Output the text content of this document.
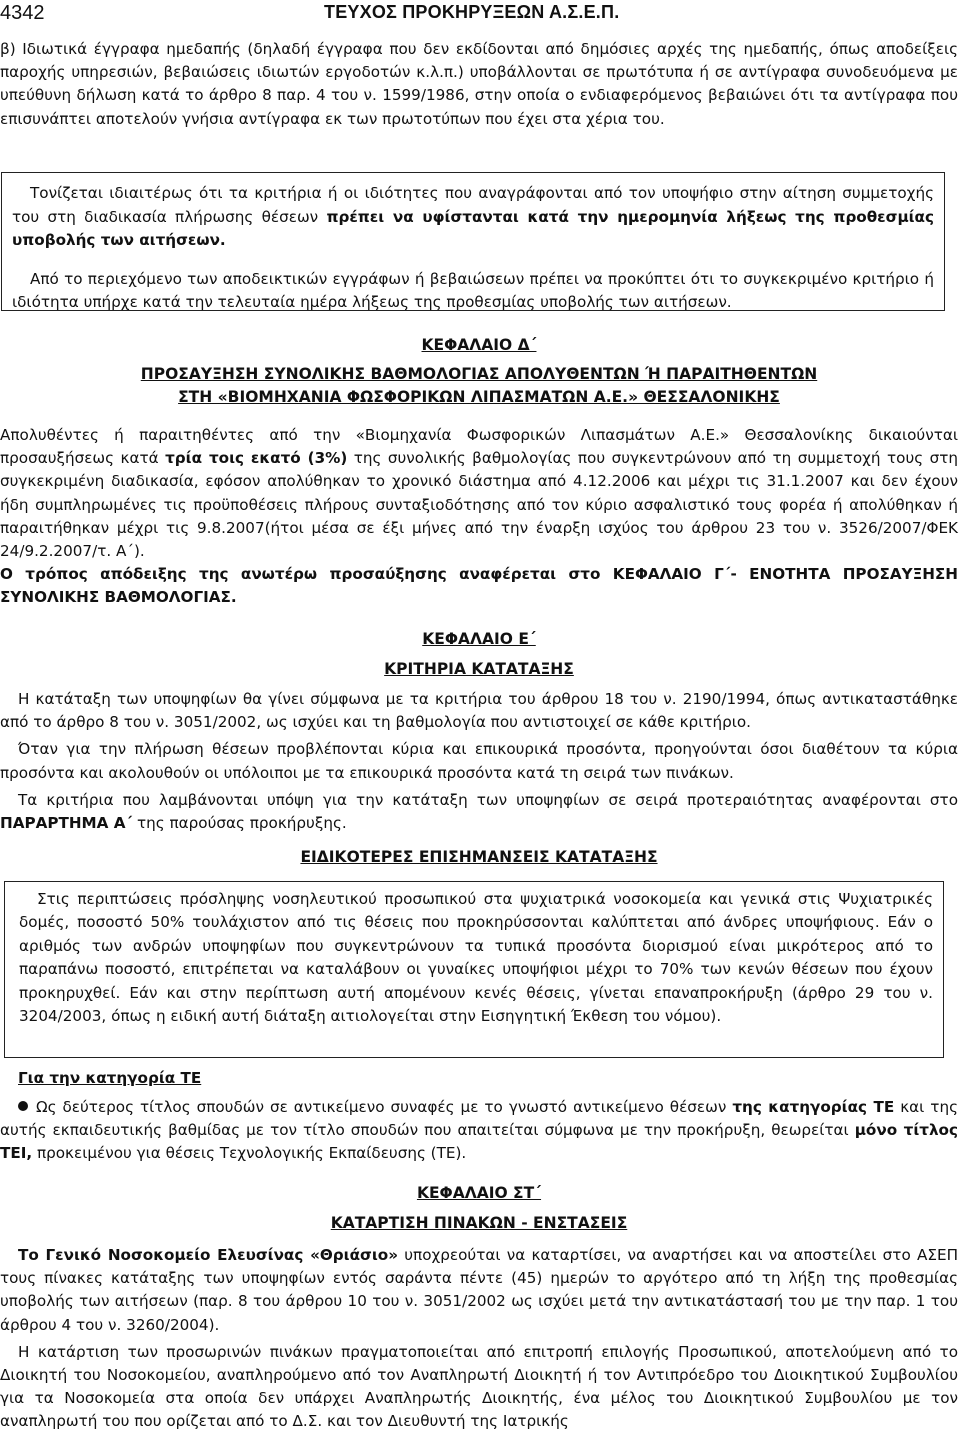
4342	ΤΕΥΧΟΣ ΠΡΟΚΗΡΥΞΕΩΝ Α.Σ.Ε.Π.

β) Ιδιωτικά έγγραφα ημεδαπής (δηλαδή έγγραφα που δεν εκδίδονται από δημόσιες αρχές της ημεδαπής, όπως αποδείξεις παροχής υπηρεσιών, βεβαιώσεις ιδιωτών εργοδοτών κ.λ.π.) υποβάλλονται σε πρωτότυπα ή σε αντίγραφα συνοδευόμενα με υπεύθυνη δήλωση κατά το άρθρο 8 παρ. 4 του ν. 1599/1986, στην οποία ο ενδιαφερόμενος βεβαιώνει ότι τα αντίγραφα που επισυνάπτει αποτελούν γνήσια αντίγραφα εκ των πρωτοτύπων που έχει στα χέρια του.

Τονίζεται ιδιαιτέρως ότι τα κριτήρια ή οι ιδιότητες που αναγράφονται από τον υποψήφιο στην αίτηση συμμετοχής του στη διαδικασία πλήρωσης θέσεων πρέπει να υφίστανται κατά την ημερομηνία λήξεως της προθεσμίας υποβολής των αιτήσεων.

Από το περιεχόμενο των αποδεικτικών εγγράφων ή βεβαιώσεων πρέπει να προκύπτει ότι το συγκεκριμένο κριτήριο ή ιδιότητα υπήρχε κατά την τελευταία ημέρα λήξεως της προθεσμίας υποβολής των αιτήσεων.

ΚΕΦΑΛΑΙΟ Δ΄
ΠΡΟΣΑΥΞΗΣΗ ΣΥΝΟΛΙΚΗΣ ΒΑΘΜΟΛΟΓΙΑΣ ΑΠΟΛΥΘΕΝΤΩΝ Ή ΠΑΡΑΙΤΗΘΕΝΤΩΝ
ΣΤΗ «ΒΙΟΜΗΧΑΝΙΑ ΦΩΣΦΟΡΙΚΩΝ ΛΙΠΑΣΜΑΤΩΝ Α.Ε.» ΘΕΣΣΑΛΟΝΙΚΗΣ

Απολυθέντες ή παραιτηθέντες από την «Βιομηχανία Φωσφορικών Λιπασμάτων Α.Ε.» Θεσσαλονίκης δικαιούνται προσαυξήσεως κατά τρία τοις εκατό (3%) της συνολικής βαθμολογίας που συγκεντρώνουν από τη συμμετοχή τους στη συγκεκριμένη διαδικασία, εφόσον απολύθηκαν το χρονικό διάστημα από 4.12.2006 και μέχρι τις 31.1.2007 και δεν έχουν ήδη συμπληρωμένες τις προϋποθέσεις πλήρους συνταξιοδότησης από τον κύριο ασφαλιστικό τους φορέα ή απολύθηκαν ή παραιτήθηκαν μέχρι τις 9.8.2007(ήτοι μέσα σε έξι μήνες από την έναρξη ισχύος του άρθρου 23 του ν. 3526/2007/ΦΕΚ 24/9.2.2007/τ. Α΄).

Ο τρόπος απόδειξης της ανωτέρω προσαύξησης αναφέρεται στο ΚΕΦΑΛΑΙΟ Γ΄- ΕΝΟΤΗΤΑ ΠΡΟΣΑΥΞΗΣΗ ΣΥΝΟΛΙΚΗΣ ΒΑΘΜΟΛΟΓΙΑΣ.

ΚΕΦΑΛΑΙΟ Ε΄
ΚΡΙΤΗΡΙΑ ΚΑΤΑΤΑΞΗΣ

Η κατάταξη των υποψηφίων θα γίνει σύμφωνα με τα κριτήρια του άρθρου 18 του ν. 2190/1994, όπως αντικαταστάθηκε από το άρθρο 8 του ν. 3051/2002, ως ισχύει και τη βαθμολογία που αντιστοιχεί σε κάθε κριτήριο.

Όταν για την πλήρωση θέσεων προβλέπονται κύρια και επικουρικά προσόντα, προηγούνται όσοι διαθέτουν τα κύρια προσόντα και ακολουθούν οι υπόλοιποι με τα επικουρικά προσόντα κατά τη σειρά των πινάκων.

Τα κριτήρια που λαμβάνονται υπόψη για την κατάταξη των υποψηφίων σε σειρά προτεραιότητας αναφέρονται στο ΠΑΡΑΡΤΗΜΑ Α΄ της παρούσας προκήρυξης.

ΕΙΔΙΚΟΤΕΡΕΣ ΕΠΙΣΗΜΑΝΣΕΙΣ ΚΑΤΑΤΑΞΗΣ

Στις περιπτώσεις πρόσληψης νοσηλευτικού προσωπικού στα ψυχιατρικά νοσοκομεία και γενικά στις Ψυχιατρικές δομές, ποσοστό 50% τουλάχιστον από τις θέσεις που προκηρύσσονται καλύπτεται από άνδρες υποψήφιους. Εάν ο αριθμός των ανδρών υποψηφίων που συγκεντρώνουν τα τυπικά προσόντα διορισμού είναι μικρότερος από το παραπάνω ποσοστό, επιτρέπεται να καταλάβουν οι γυναίκες υποψήφιοι μέχρι το 70% των κενών θέσεων που έχουν προκηρυχθεί. Εάν και στην περίπτωση αυτή απομένουν κενές θέσεις, γίνεται επαναπροκήρυξη (άρθρο 29 του ν. 3204/2003, όπως η ειδική αυτή διάταξη αιτιολογείται στην Εισηγητική Έκθεση του νόμου).

Για την κατηγορία ΤΕ

Ως δεύτερος τίτλος σπουδών σε αντικείμενο συναφές με το γνωστό αντικείμενο θέσεων της κατηγορίας ΤΕ και της αυτής εκπαιδευτικής βαθμίδας με τον τίτλο σπουδών που απαιτείται σύμφωνα με την προκήρυξη, θεωρείται μόνο τίτλος ΤΕΙ, προκειμένου για θέσεις Τεχνολογικής Εκπαίδευσης (ΤΕ).

ΚΕΦΑΛΑΙΟ ΣΤ΄
ΚΑΤΑΡΤΙΣΗ ΠΙΝΑΚΩΝ - ΕΝΣΤΑΣΕΙΣ

Το Γενικό Νοσοκομείο Ελευσίνας «Θριάσιο» υποχρεούται να καταρτίσει, να αναρτήσει και να αποστείλει στο ΑΣΕΠ τους πίνακες κατάταξης των υποψηφίων εντός σαράντα πέντε (45) ημερών το αργότερο από τη λήξη της προθεσμίας υποβολής των αιτήσεων (παρ. 8 του άρθρου 10 του ν. 3051/2002 ως ισχύει μετά την αντικατάστασή του με την παρ. 1 του άρθρου 4 του ν. 3260/2004).

Η κατάρτιση των προσωρινών πινάκων πραγματοποιείται από επιτροπή επιλογής Προσωπικού, αποτελούμενη από το Διοικητή του Νοσοκομείου, αναπληρούμενο από τον Αναπληρωτή Διοικητή ή τον Αντιπρόεδρο του Διοικητικού Συμβουλίου για τα Νοσοκομεία στα οποία δεν υπάρχει Αναπληρωτής Διοικητής, ένα μέλος του Διοικητικού Συμβουλίου με τον αναπληρωτή του που ορίζεται από το Δ.Σ. και τον Διευθυντή της Ιατρικής
